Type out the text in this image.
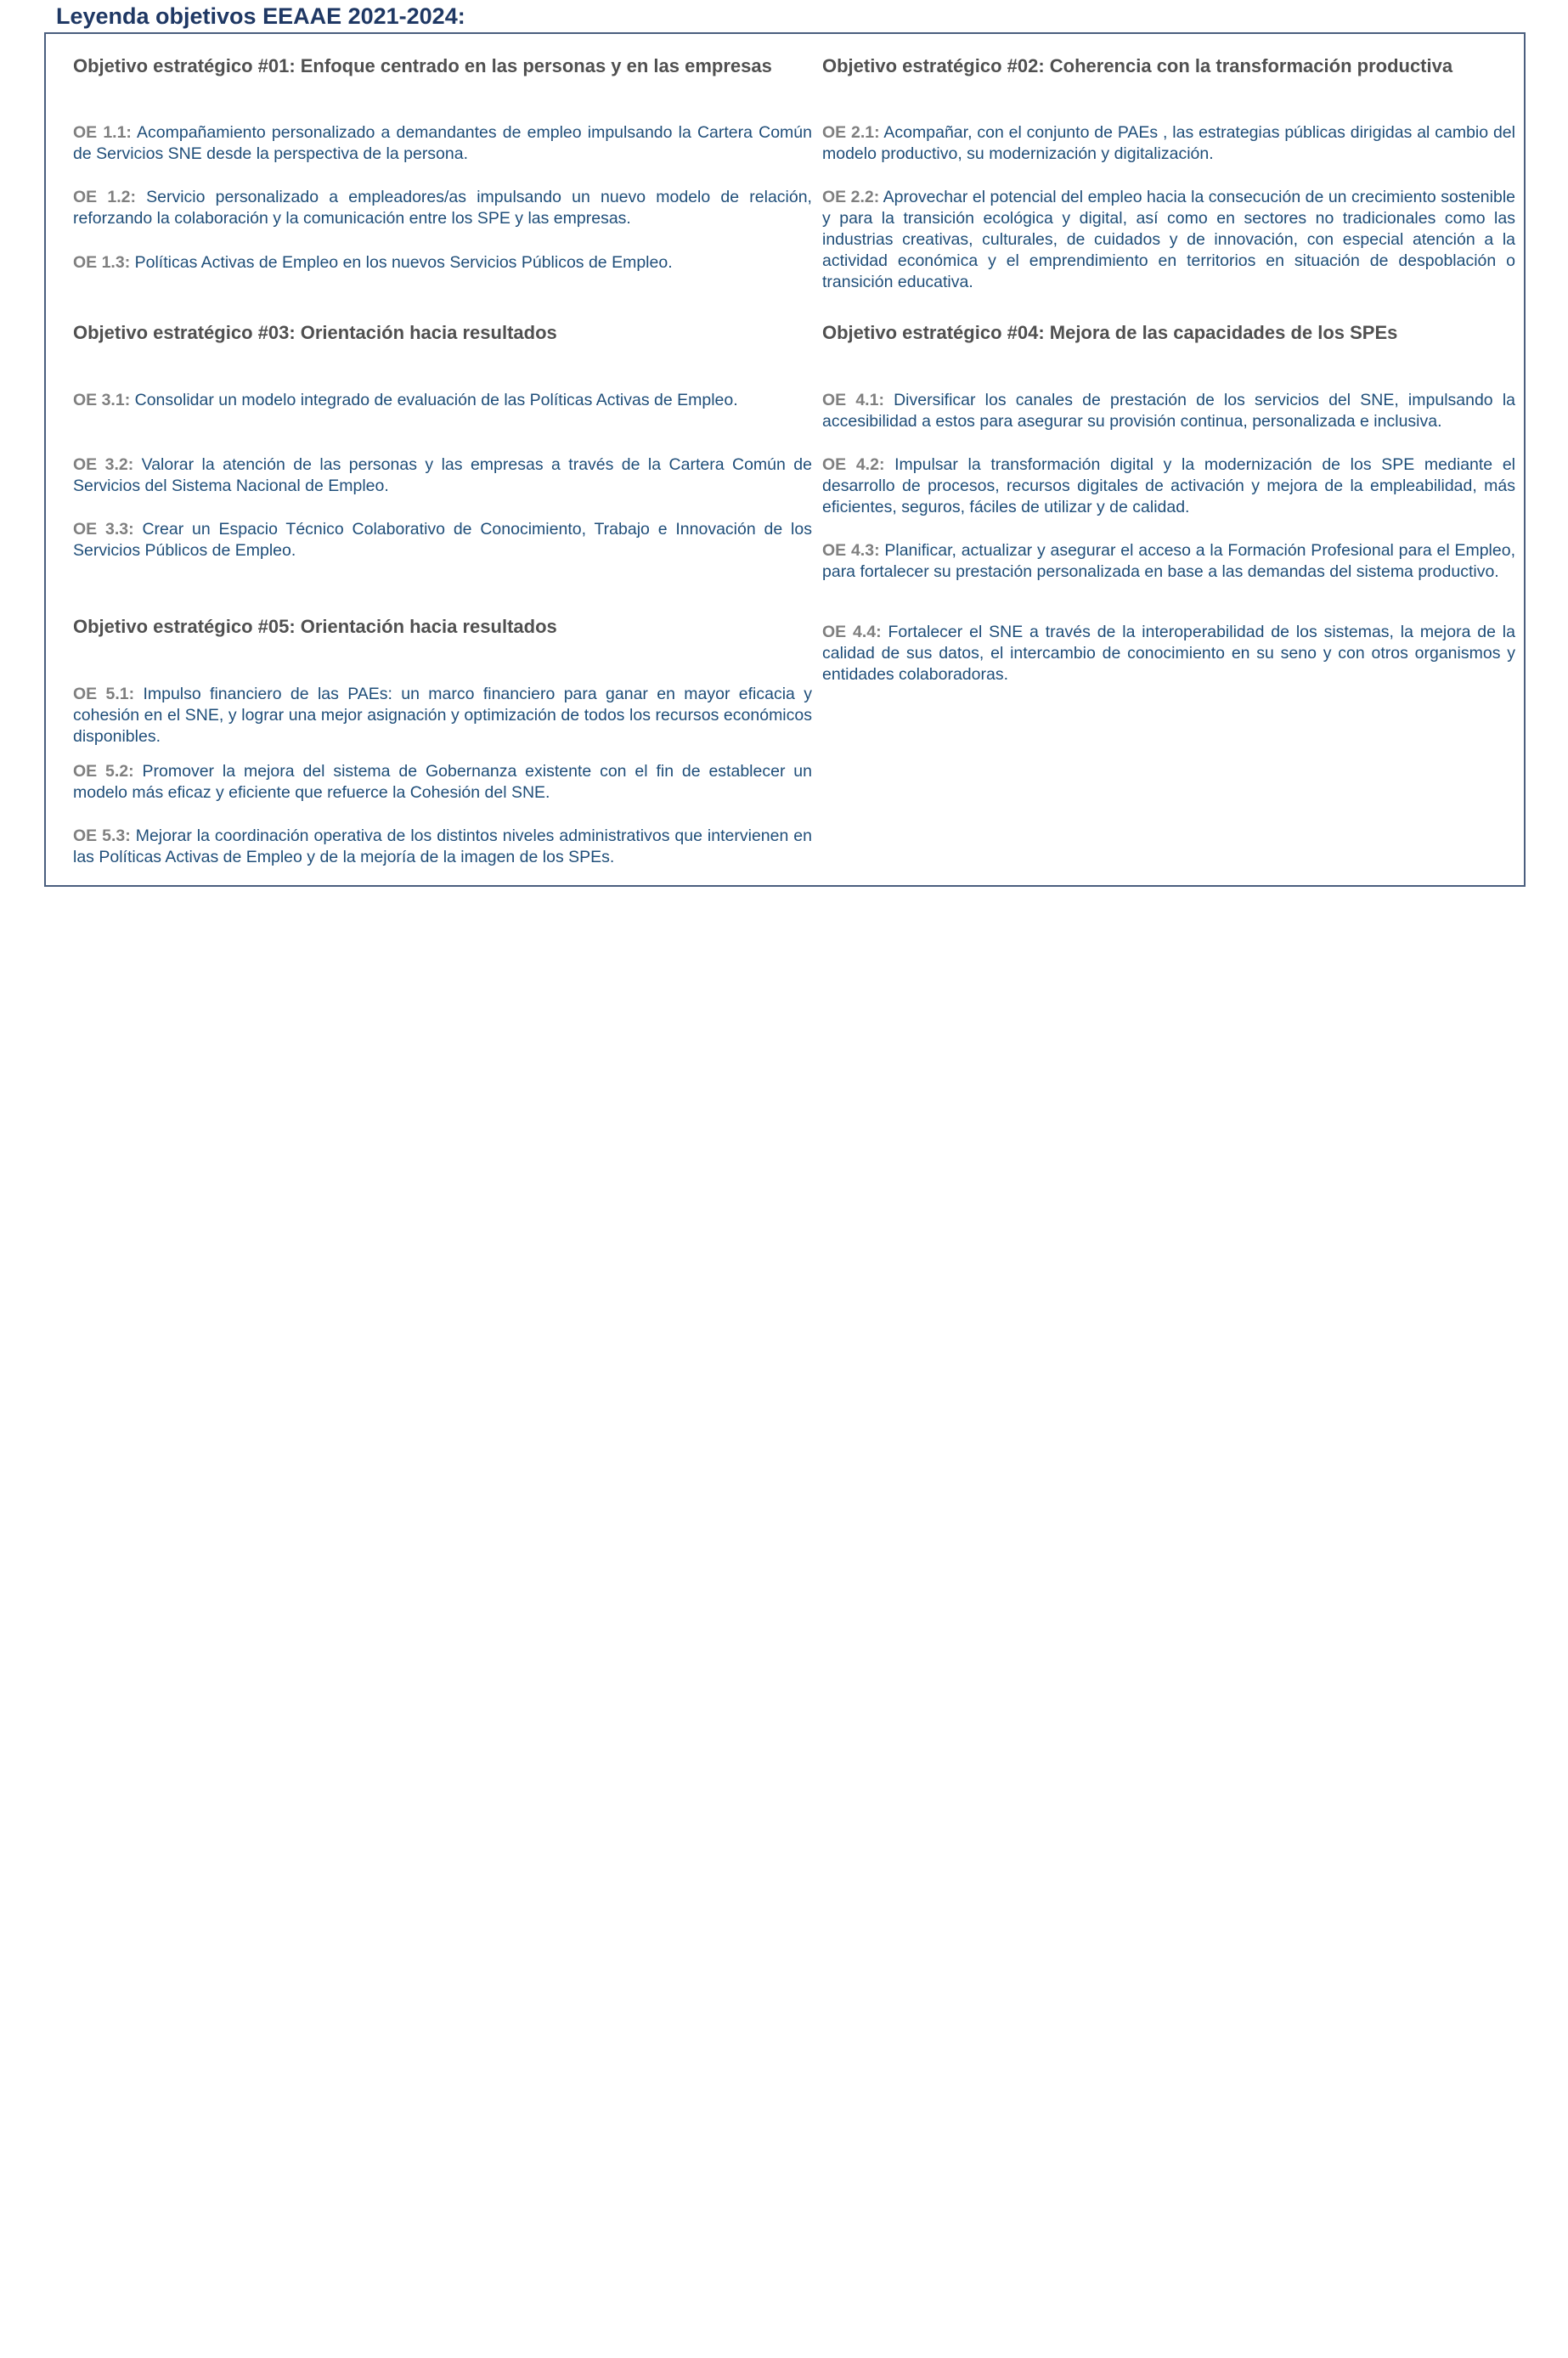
Leyenda objetivos EEAAE 2021-2024:

Objetivo estratégico #01: Enfoque centrado en las personas y en las empresas

OE 1.1: Acompañamiento personalizado a demandantes de empleo impulsando la Cartera Común de Servicios SNE desde la perspectiva de la persona.

OE 1.2: Servicio personalizado a empleadores/as impulsando un nuevo modelo de relación, reforzando la colaboración y la comunicación entre los SPE y las empresas.

OE 1.3: Políticas Activas de Empleo en los nuevos Servicios Públicos de Empleo.

Objetivo estratégico #03: Orientación hacia resultados

OE 3.1: Consolidar un modelo integrado de evaluación de las Políticas Activas de Empleo.

OE 3.2: Valorar la atención de las personas y las empresas a través de la Cartera Común de Servicios del Sistema Nacional de Empleo.

OE 3.3: Crear un Espacio Técnico Colaborativo de Conocimiento, Trabajo e Innovación de los Servicios Públicos de Empleo.

Objetivo estratégico #05: Orientación hacia resultados

OE 5.1: Impulso financiero de las PAEs: un marco financiero para ganar en mayor eficacia y cohesión en el SNE, y lograr una mejor asignación y optimización de todos los recursos económicos disponibles.

OE 5.2: Promover la mejora del sistema de Gobernanza existente con el fin de establecer un modelo más eficaz y eficiente que refuerce la Cohesión del SNE.

OE 5.3: Mejorar la coordinación operativa de los distintos niveles administrativos que intervienen en las Políticas Activas de Empleo y de la mejoría de la imagen de los SPEs.

Objetivo estratégico #02: Coherencia con la transformación productiva

OE 2.1: Acompañar, con el conjunto de PAEs , las estrategias públicas dirigidas al cambio del modelo productivo, su modernización y digitalización.

OE 2.2: Aprovechar el potencial del empleo hacia la consecución de un crecimiento sostenible y para la transición ecológica y digital, así como en sectores no tradicionales como las industrias creativas, culturales, de cuidados y de innovación, con especial atención a la actividad económica y el emprendimiento en territorios en situación de despoblación o transición educativa.

Objetivo estratégico #04: Mejora de las capacidades de los SPEs

OE 4.1: Diversificar los canales de prestación de los servicios del SNE, impulsando la accesibilidad a estos para asegurar su provisión continua, personalizada e inclusiva.

OE 4.2: Impulsar la transformación digital y la modernización de los SPE mediante el desarrollo de procesos, recursos digitales de activación y mejora de la empleabilidad, más eficientes, seguros, fáciles de utilizar y de calidad.

OE 4.3: Planificar, actualizar y asegurar el acceso a la Formación Profesional para el Empleo, para fortalecer su prestación personalizada en base a las demandas del sistema productivo.

OE 4.4: Fortalecer el SNE a través de la interoperabilidad de los sistemas, la mejora de la calidad de sus datos, el intercambio de conocimiento en su seno y con otros organismos y entidades colaboradoras.
